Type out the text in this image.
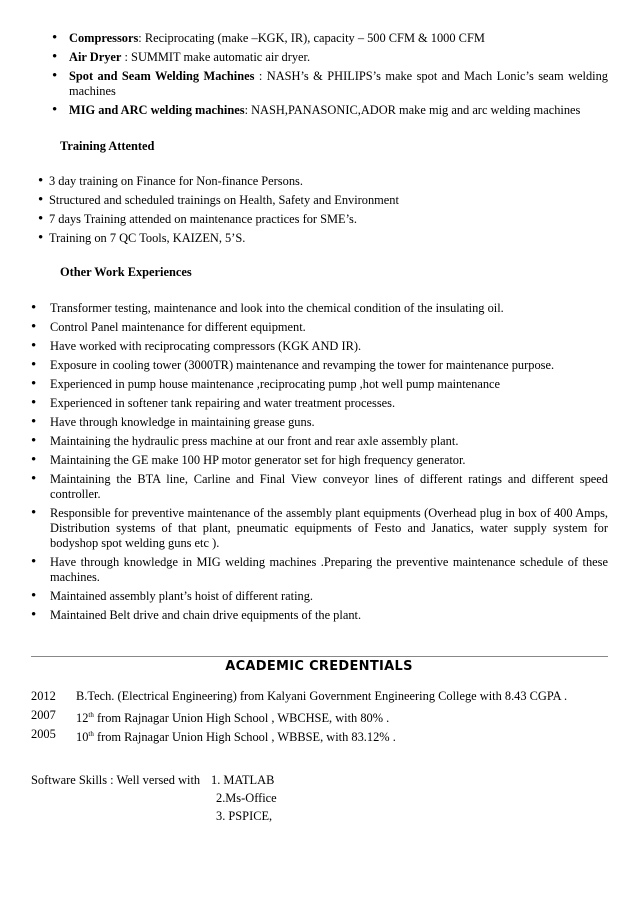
• Compressors: Reciprocating (make –KGK, IR), capacity – 500 CFM & 1000 CFM
• Air Dryer : SUMMIT make automatic air dryer.
• Spot and Seam Welding Machines : NASH’s & PHILIPS’s make spot and Mach Lonic’s seam welding machines
• MIG and ARC welding machines: NASH,PANASONIC,ADOR make mig and arc welding machines
Training Attented
• 3 day training on Finance for Non-finance Persons.
• Structured and scheduled trainings on Health, Safety and Environment
• 7 days Training attended on maintenance practices for SME’s.
• Training on 7 QC Tools, KAIZEN, 5’S.
Other Work Experiences
• Transformer testing, maintenance and look into the chemical condition of the insulating oil.
• Control Panel maintenance for different equipment.
• Have worked with reciprocating compressors (KGK AND IR).
• Exposure in cooling tower (3000TR) maintenance and revamping the tower for maintenance purpose.
• Experienced in pump house maintenance ,reciprocating pump ,hot well pump maintenance
• Experienced in softener tank repairing and water treatment processes.
• Have through knowledge in maintaining grease guns.
• Maintaining the hydraulic press machine at our front and rear axle assembly plant.
• Maintaining the GE make 100 HP motor generator set for high frequency generator.
• Maintaining the BTA line, Carline and Final View conveyor lines of different ratings and different speed controller.
• Responsible for preventive maintenance of the assembly plant equipments (Overhead plug in box of 400 Amps, Distribution systems of that plant, pneumatic equipments of Festo and Janatics, water supply system for bodyshop spot welding guns etc ).
• Have through knowledge in MIG welding machines .Preparing the preventive maintenance schedule of these machines.
• Maintained assembly plant’s hoist of different rating.
• Maintained Belt drive and chain drive equipments of the plant.
ACADEMIC CREDENTIALS
2012 B.Tech. (Electrical Engineering) from Kalyani Government Engineering College with 8.43 CGPA .
2007 12th from Rajnagar Union High School , WBCHSE, with 80% .
2005 10th from Rajnagar Union High School , WBBSE, with 83.12% .
Software Skills : Well versed with 1. MATLAB
2.Ms-Office
3. PSPICE,
